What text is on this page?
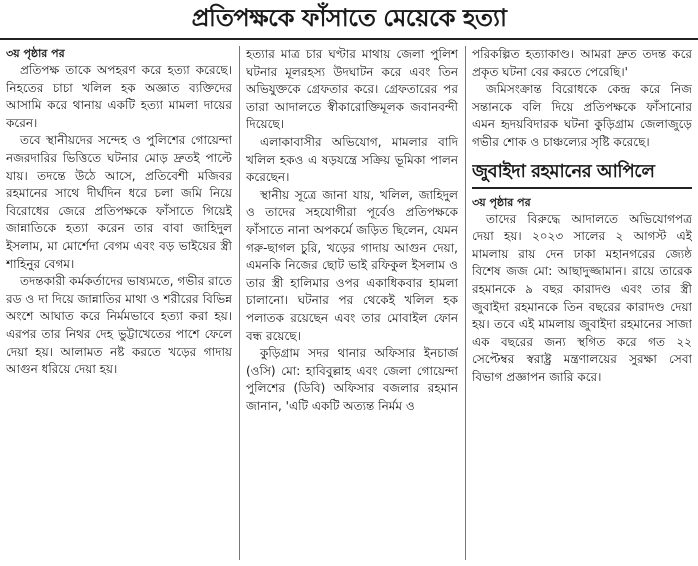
প্রতিপক্ষকে ফাঁসাতে মেয়েকে হত্যা

৩য় পৃষ্ঠার পর

প্রতিপক্ষ তাকে অপহরণ করে হত্যা করেছে। নিহতের চাচা খলিল হক অজ্ঞাত ব্যক্তিদের আসামি করে থানায় একটি হত্যা মামলা দায়ের করেন।

তবে স্থানীয়দের সন্দেহ ও পুলিশের গোয়েন্দা নজরদারির ভিত্তিতে ঘটনার মোড় দ্রুতই পাল্টে যায়। তদন্তে উঠে আসে, প্রতিবেশী মজিবর রহমানের সাথে দীর্ঘদিন ধরে চলা জমি নিয়ে বিরোধের জেরে প্রতিপক্ষকে ফাঁসাতে গিয়েই জান্নাতিকে হত্যা করেন তার বাবা জাহিদুল ইসলাম, মা মোর্শেদা বেগম এবং বড় ভাইয়ের স্ত্রী শাহিনুর বেগম।

তদন্তকারী কর্মকর্তাদের ভাষ্যমতে, গভীর রাতে রড ও দা দিয়ে জান্নাতির মাথা ও শরীরের বিভিন্ন অংশে আঘাত করে নির্মমভাবে হত্যা করা হয়। এরপর তার নিথর দেহ ভুট্টাখেতের পাশে ফেলে দেয়া হয়। আলামত নষ্ট করতে খড়ের গাদায় আগুন ধরিয়ে দেয়া হয়।

হত্যার মাত্র চার ঘণ্টার মাথায় জেলা পুলিশ ঘটনার মূলরহস্য উদঘাটন করে এবং তিন অভিযুক্তকে গ্রেফতার করে। গ্রেফতারের পর তারা আদালতে স্বীকারোক্তিমূলক জবানবন্দী দিয়েছে।

এলাকাবাসীর অভিযোগ, মামলার বাদি খলিল হকও এ ষড়যন্ত্রে সক্রিয় ভূমিকা পালন করেছেন।

স্থানীয় সূত্রে জানা যায়, খলিল, জাহিদুল ও তাদের সহযোগীরা পূর্বেও প্রতিপক্ষকে ফাঁসাতে নানা অপকর্মে জড়িত ছিলেন, যেমন গরু-ছাগল চুরি, খড়ের গাদায় আগুন দেয়া, এমনকি নিজের ছোট ভাই রফিকুল ইসলাম ও তার স্ত্রী হালিমার ওপর একাধিকবার হামলা চালানো। ঘটনার পর থেকেই খলিল হক পলাতক রয়েছেন এবং তার মোবাইল ফোন বন্ধ রয়েছে।

কুড়িগ্রাম সদর থানার অফিসার ইনচার্জ (ওসি) মো: হাবিবুল্লাহ এবং জেলা গোয়েন্দা পুলিশের (ডিবি) অফিসার বজলার রহমান জানান, 'এটি একটি অত্যন্ত নির্মম ও

পরিকল্পিত হত্যাকাণ্ড। আমরা দ্রুত তদন্ত করে প্রকৃত ঘটনা বের করতে পেরেছি।'

জমিসংক্রান্ত বিরোধকে কেন্দ্র করে নিজ সন্তানকে বলি দিয়ে প্রতিপক্ষকে ফাঁসানোর এমন হৃদয়বিদারক ঘটনা কুড়িগ্রাম জেলাজুড়ে গভীর শোক ও চাঞ্চল্যের সৃষ্টি করেছে।

জুবাইদা রহমানের আপিলে

৩য় পৃষ্ঠার পর

তাদের বিরুদ্ধে আদালতে অভিযোগপত্র দেয়া হয়। ২০২৩ সালের ২ আগস্ট এই মামলায় রায় দেন ঢাকা মহানগরের জ্যেষ্ঠ বিশেষ জজ মো: আছাদুজ্জামান। রায়ে তারেক রহমানকে ৯ বছর কারাদণ্ড এবং তার স্ত্রী জুবাইদা রহমানকে তিন বছরের কারাদণ্ড দেয়া হয়। তবে এই মামলায় জুবাইদা রহমানের সাজা এক বছরের জন্য স্থগিত করে গত ২২ সেপ্টেম্বর স্বরাষ্ট্র মন্ত্রণালয়ের সুরক্ষা সেবা বিভাগ প্রজ্ঞাপন জারি করে।
